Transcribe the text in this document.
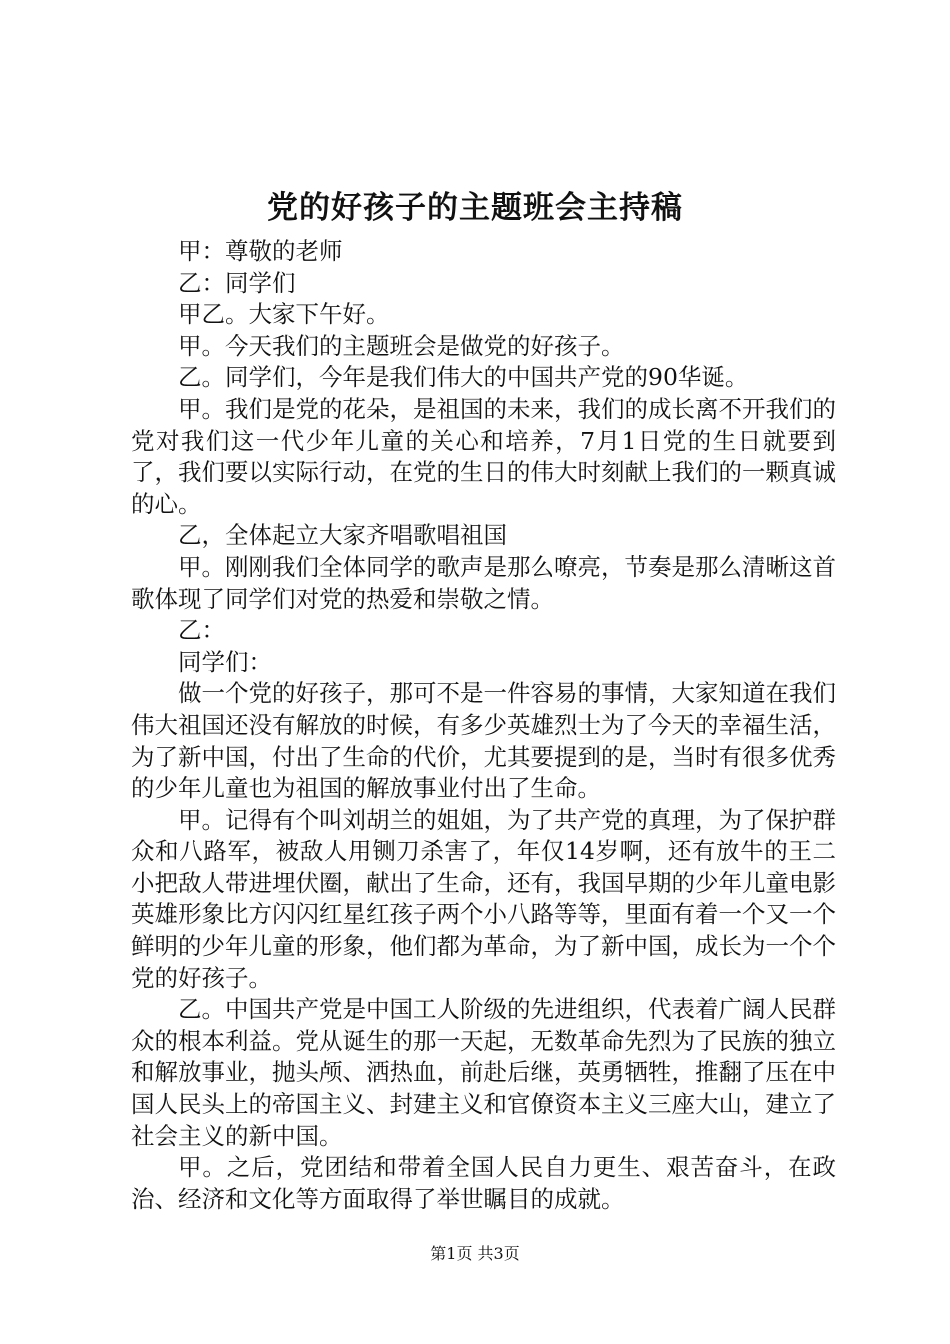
党的好孩子的主题班会主持稿

甲：尊敬的老师

乙：同学们

甲乙。大家下午好。

甲。今天我们的主题班会是做党的好孩子。

乙。同学们，今年是我们伟大的中国共产党的90华诞。

甲。我们是党的花朵，是祖国的未来，我们的成长离不开我们的党对我们这一代少年儿童的关心和培养，7月1日党的生日就要到了，我们要以实际行动，在党的生日的伟大时刻献上我们的一颗真诚的心。

乙，全体起立大家齐唱歌唱祖国

甲。刚刚我们全体同学的歌声是那么嘹亮，节奏是那么清晰这首歌体现了同学们对党的热爱和崇敬之情。

乙：

同学们：

做一个党的好孩子，那可不是一件容易的事情，大家知道在我们伟大祖国还没有解放的时候，有多少英雄烈士为了今天的幸福生活，为了新中国，付出了生命的代价，尤其要提到的是，当时有很多优秀的少年儿童也为祖国的解放事业付出了生命。

甲。记得有个叫刘胡兰的姐姐，为了共产党的真理，为了保护群众和八路军，被敌人用铡刀杀害了，年仅14岁啊，还有放牛的王二小把敌人带进埋伏圈，献出了生命，还有，我国早期的少年儿童电影英雄形象比方闪闪红星红孩子两个小八路等等，里面有着一个又一个鲜明的少年儿童的形象，他们都为革命，为了新中国，成长为一个个党的好孩子。

乙。中国共产党是中国工人阶级的先进组织，代表着广阔人民群众的根本利益。党从诞生的那一天起，无数革命先烈为了民族的独立和解放事业，抛头颅、洒热血，前赴后继，英勇牺牲，推翻了压在中国人民头上的帝国主义、封建主义和官僚资本主义三座大山，建立了社会主义的新中国。

甲。之后，党团结和带着全国人民自力更生、艰苦奋斗，在政治、经济和文化等方面取得了举世瞩目的成就。

第1页 共3页
